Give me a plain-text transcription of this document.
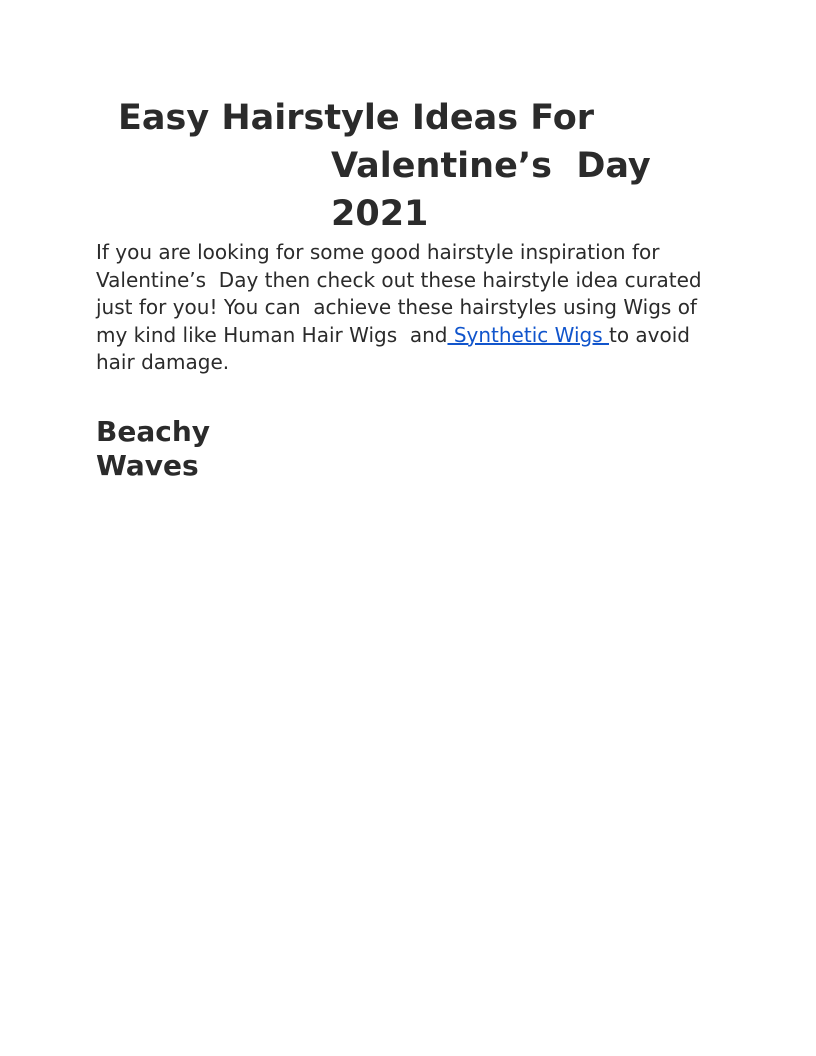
Easy Hairstyle Ideas For
Valentine’s  Day
2021

If you are looking for some good hairstyle inspiration for
Valentine’s  Day then check out these hairstyle idea curated
just for you! You can  achieve these hairstyles using Wigs of
my kind like Human Hair Wigs  and Synthetic Wigs to avoid
hair damage.

Beachy
Waves
